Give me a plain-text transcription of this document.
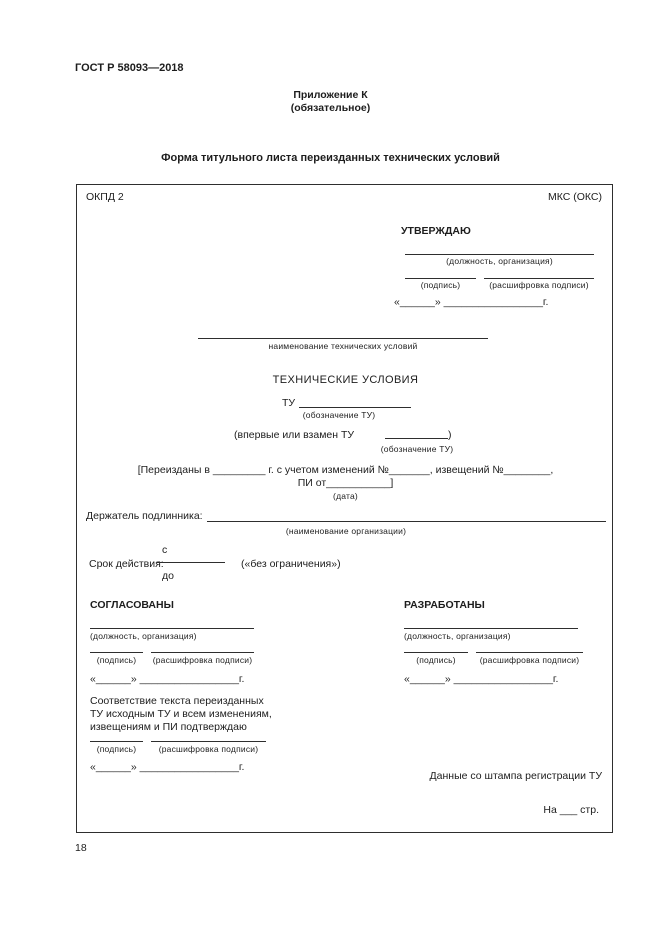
ГОСТ Р 58093—2018
Приложение К
(обязательное)
Форма титульного листа переизданных технических условий
ОКПД 2	МКС (ОКС)
УТВЕРЖДАЮ
(должность, организация)
(подпись)	(расшифровка подписи)
«______» _________________г.
наименование технических условий
ТЕХНИЧЕСКИЕ УСЛОВИЯ
ТУ
(обозначение ТУ)
(впервые или взамен ТУ	)
(обозначение ТУ)
[Переизданы в _________ г. с учетом изменений №_______, извещений №________,
ПИ от___________]
(дата)
Держатель подлинника:
(наименование организации)
Срок действия:
с
до
(«без ограничения»)
СОГЛАСОВАНЫ
(должность, организация)
(подпись)	(расшифровка подписи)
«______» _________________г.
РАЗРАБОТАНЫ
(должность, организация)
(подпись)	(расшифровка подписи)
«______» _________________г.
Соответствие текста переизданных
ТУ исходным ТУ и всем изменениям,
извещениям и ПИ подтверждаю
(подпись)	(расшифровка подписи)
«______» _________________г.
Данные со штампа регистрации ТУ
На ___ стр.
18
